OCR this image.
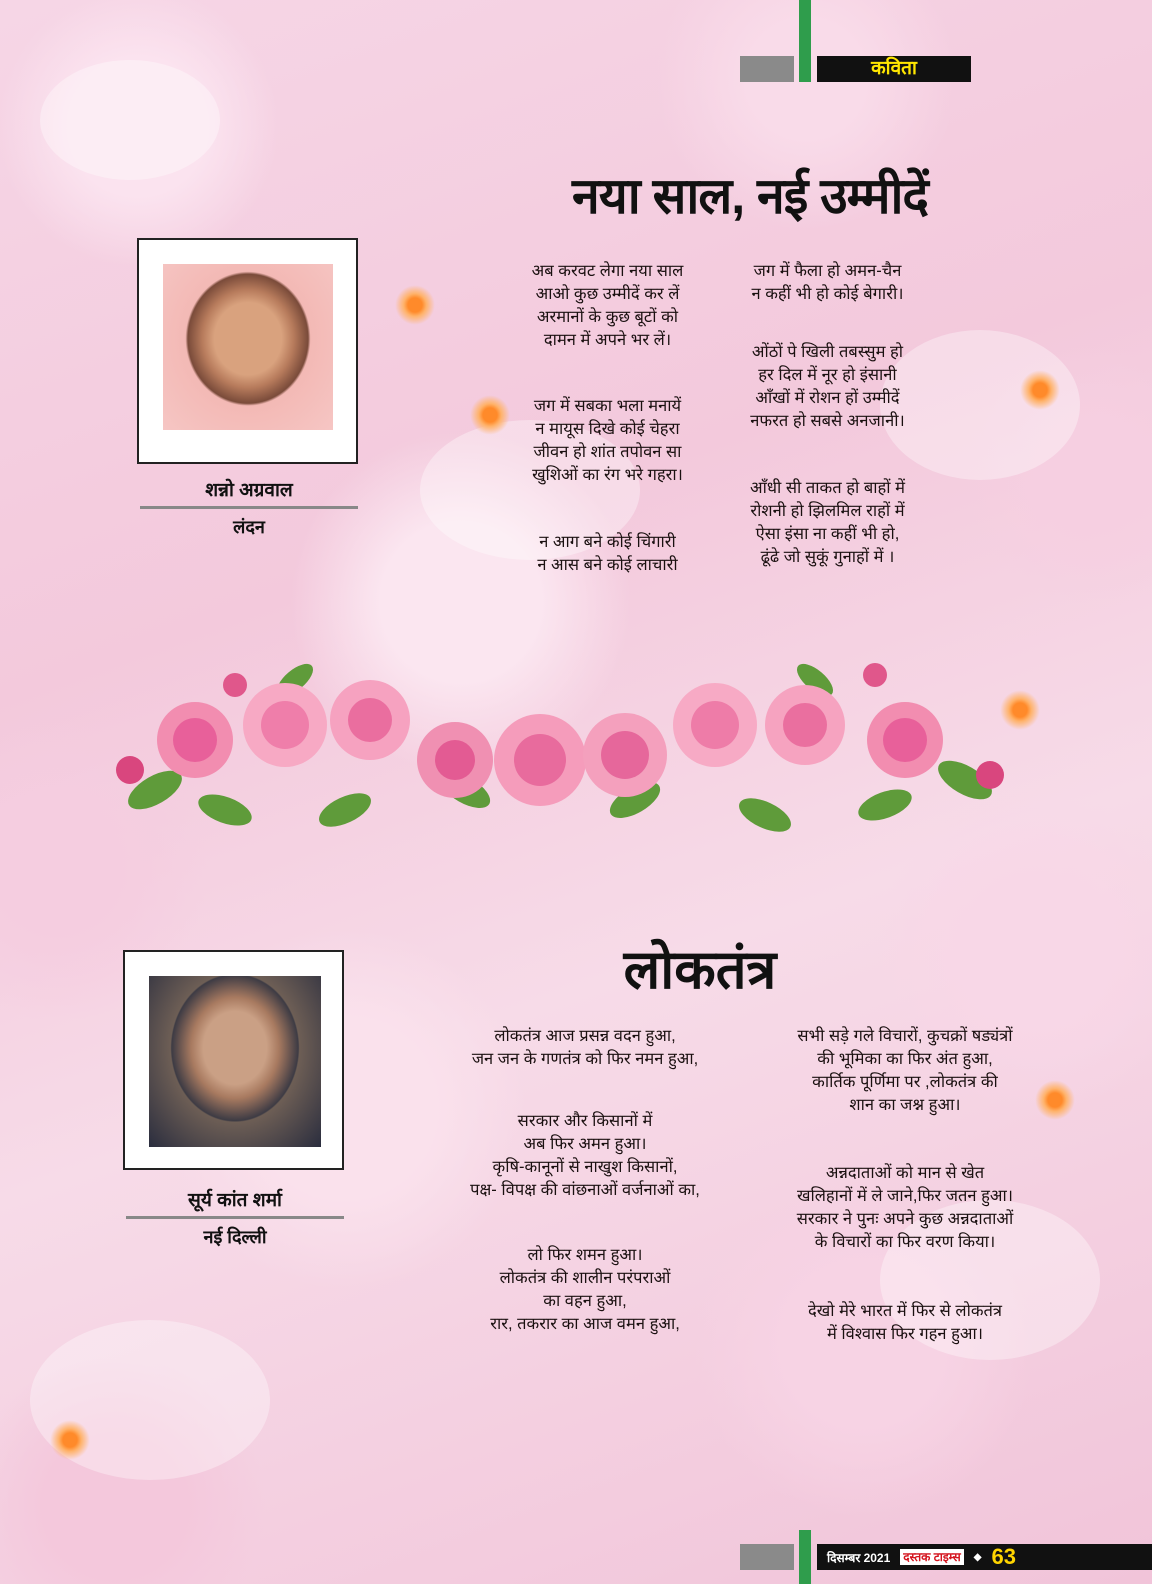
कविता
नया साल, नई उम्मीदें
शन्नो अग्रवाल
लंदन
अब करवट लेगा नया साल
आओ कुछ उम्मीदें कर लें
अरमानों के कुछ बूटों को
दामन में अपने भर लें।
जग में सबका भला मनायें
न मायूस दिखे कोई चेहरा
जीवन हो शांत तपोवन सा
खुशिओं का रंग भरे गहरा।
न आग बने कोई चिंगारी
न आस बने कोई लाचारी
जग में फैला हो अमन-चैन
न कहीं भी हो कोई बेगारी।
ओंठों पे खिली तबस्सुम हो
हर दिल में नूर हो इंसानी
आँखों में रोशन हों उम्मीदें
नफरत हो सबसे अनजानी।
आँधी सी ताकत हो बाहों में
रोशनी हो झिलमिल राहों में
ऐसा इंसा ना कहीं भी हो,
ढूंढे जो सुकूं गुनाहों में ।
लोकतंत्र
सूर्य कांत शर्मा
नई दिल्ली
लोकतंत्र आज प्रसन्न वदन हुआ,
जन जन के गणतंत्र को फिर नमन हुआ,
सरकार और किसानों में
अब फिर अमन हुआ।
कृषि-कानूनों से नाखुश किसानों,
पक्ष- विपक्ष की वांछनाओं वर्जनाओं का,
लो फिर शमन हुआ।
लोकतंत्र की शालीन परंपराओं
का वहन हुआ,
रार, तकरार का आज वमन हुआ,
सभी सड़े गले विचारों, कुचक्रों षड्यंत्रों
की भूमिका का फिर अंत हुआ,
कार्तिक पूर्णिमा पर ,लोकतंत्र की
शान का जश्न हुआ।
अन्नदाताओं को मान से खेत
खलिहानों में ले जाने,फिर जतन हुआ।
सरकार ने पुनः अपने कुछ अन्नदाताओं
के विचारों का फिर वरण किया।
देखो मेरे भारत में फिर से लोकतंत्र
में विश्वास फिर गहन हुआ।
दिसम्बर 2021 दस्तक टाइम्स	◆ 63
